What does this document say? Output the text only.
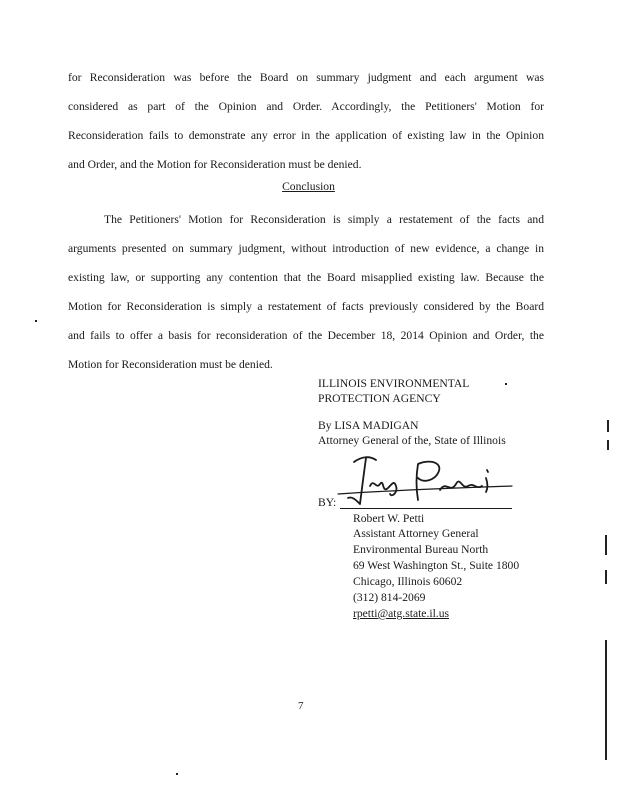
for Reconsideration was before the Board on summary judgment and each argument was
considered as part of the Opinion and Order. Accordingly, the Petitioners' Motion for
Reconsideration fails to demonstrate any error in the application of existing law in the Opinion
and Order, and the Motion for Reconsideration must be denied.
Conclusion
The Petitioners' Motion for Reconsideration is simply a restatement of the facts and
arguments presented on summary judgment, without introduction of new evidence, a change in
existing law, or supporting any contention that the Board misapplied existing law. Because the
Motion for Reconsideration is simply a restatement of facts previously considered by the Board
and fails to offer a basis for reconsideration of the December 18, 2014 Opinion and Order, the
Motion for Reconsideration must be denied.
ILLINOIS ENVIRONMENTAL
PROTECTION AGENCY
By LISA MADIGAN
Attorney General of the, State of Illinois
BY:
Robert W. Petti
Assistant Attorney General
Environmental Bureau North
69 West Washington St., Suite 1800
Chicago, Illinois 60602
(312) 814-2069
rpetti@atg.state.il.us
7
